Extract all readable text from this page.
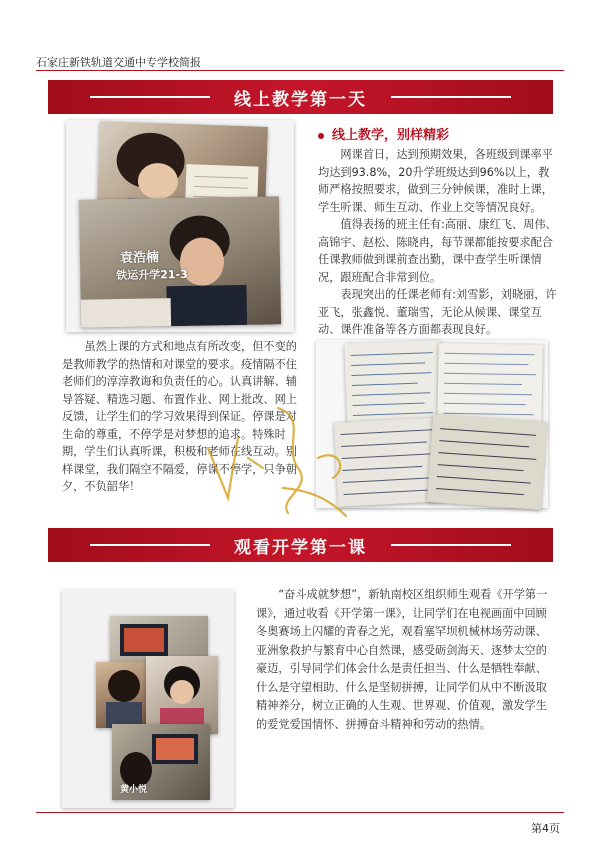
石家庄新铁轨道交通中专学校简报
线上教学第一天
袁浩楠
铁运升学21-3
线上教学，别样精彩

网课首日，达到预期效果，各班级到课率平均达到93.8%，20升学班级达到96%以上，教师严格按照要求，做到三分钟候课，准时上课，学生听课、师生互动、作业上交等情况良好。

值得表扬的班主任有:高丽、康红飞、周伟、高锦宇、赵松、陈晓冉，每节课都能按要求配合任课教师做到课前查出勤，课中查学生听课情况，跟班配合非常到位。

表现突出的任课老师有:刘雪影，刘晓丽，许亚飞，张鑫悦、董瑞雪，无论从候课、课堂互动、课件准备等各方面都表现良好。

虽然上课的方式和地点有所改变，但不变的是教师教学的热情和对课堂的要求。疫情隔不住老师们的淳淳教诲和负责任的心。认真讲解、辅导答疑、精选习题、布置作业、网上批改、网上反馈，让学生们的学习效果得到保证。停课是对生命的尊重，不停学是对梦想的追求。特殊时期，学生们认真听课，积极和老师在线互动。别样课堂，我们隔空不隔爱，停课不停学，只争朝夕，不负韶华！

观看开学第一课
黄小悦

“奋斗成就梦想”，新轨南校区组织师生观看《开学第一课》，通过收看《开学第一课》，让同学们在电视画面中回顾冬奥赛场上闪耀的青春之光，观看塞罕坝机械林场劳动课、亚洲象救护与繁育中心自然课，感受砺剑海天、逐梦太空的豪迈，引导同学们体会什么是责任担当、什么是牺牲奉献、什么是守望相助、什么是坚韧拼搏，让同学们从中不断汲取精神养分，树立正确的人生观、世界观、价值观，激发学生的爱党爱国情怀、拼搏奋斗精神和劳动的热情。

第4页
